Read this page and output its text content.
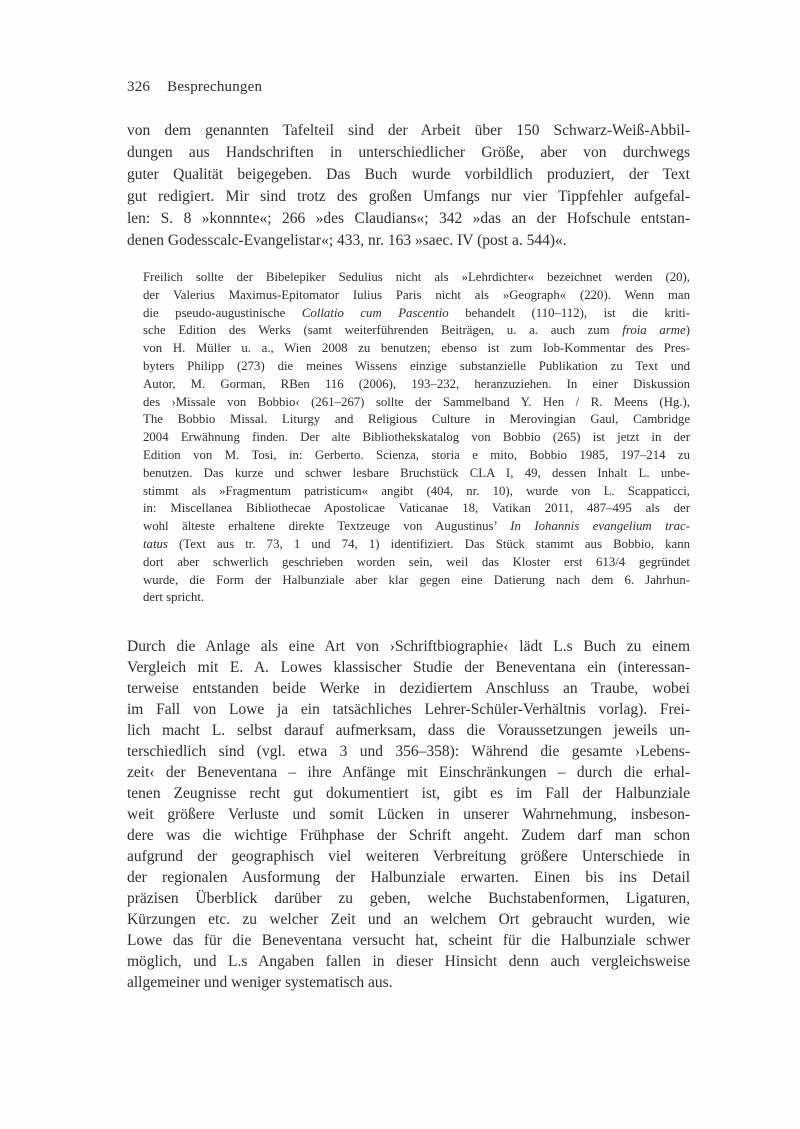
326 Besprechungen
von dem genannten Tafelteil sind der Arbeit über 150 Schwarz-Weiß-Abbil-
dungen aus Handschriften in unterschiedlicher Größe, aber von durchwegs
guter Qualität beigegeben. Das Buch wurde vorbildlich produziert, der Text
gut redigiert. Mir sind trotz des großen Umfangs nur vier Tippfehler aufgefal-
len: S. 8 »konnnte«; 266 »des Claudians«; 342 »das an der Hofschule entstan-
denen Godesscalc-Evangelistar«; 433, nr. 163 »saec. IV (post a. 544)«.
Freilich sollte der Bibelepiker Sedulius nicht als »Lehrdichter« bezeichnet werden (20),
der Valerius Maximus-Epitomator Iulius Paris nicht als »Geograph« (220). Wenn man
die pseudo-augustinische Collatio cum Pascentio behandelt (110–112), ist die kriti-
sche Edition des Werks (samt weiterführenden Beiträgen, u. a. auch zum froia arme)
von H. Müller u. a., Wien 2008 zu benutzen; ebenso ist zum Iob-Kommentar des Pres-
byters Philipp (273) die meines Wissens einzige substanzielle Publikation zu Text und
Autor, M. Gorman, RBen 116 (2006), 193–232, heranzuziehen. In einer Diskussion
des ›Missale von Bobbio‹ (261–267) sollte der Sammelband Y. Hen / R. Meens (Hg.),
The Bobbio Missal. Liturgy and Religious Culture in Merovingian Gaul, Cambridge
2004 Erwähnung finden. Der alte Bibliothekskatalog von Bobbio (265) ist jetzt in der
Edition von M. Tosi, in: Gerberto. Scienza, storia e mito, Bobbio 1985, 197–214 zu
benutzen. Das kurze und schwer lesbare Bruchstück CLA I, 49, dessen Inhalt L. unbe-
stimmt als »Fragmentum patristicum« angibt (404, nr. 10), wurde von L. Scappaticci,
in: Miscellanea Bibliothecae Apostolicae Vaticanae 18, Vatikan 2011, 487–495 als der
wohl älteste erhaltene direkte Textzeuge von Augustinus’ In Iohannis evangelium trac-
tatus (Text aus tr. 73, 1 und 74, 1) identifiziert. Das Stück stammt aus Bobbio, kann
dort aber schwerlich geschrieben worden sein, weil das Kloster erst 613/4 gegründet
wurde, die Form der Halbunziale aber klar gegen eine Datierung nach dem 6. Jahrhun-
dert spricht.
Durch die Anlage als eine Art von ›Schriftbiographie‹ lädt L.s Buch zu einem
Vergleich mit E. A. Lowes klassischer Studie der Beneventana ein (interessan-
terweise entstanden beide Werke in dezidiertem Anschluss an Traube, wobei
im Fall von Lowe ja ein tatsächliches Lehrer-Schüler-Verhältnis vorlag). Frei-
lich macht L. selbst darauf aufmerksam, dass die Voraussetzungen jeweils un-
terschiedlich sind (vgl. etwa 3 und 356–358): Während die gesamte ›Lebens-
zeit‹ der Beneventana – ihre Anfänge mit Einschränkungen – durch die erhal-
tenen Zeugnisse recht gut dokumentiert ist, gibt es im Fall der Halbunziale
weit größere Verluste und somit Lücken in unserer Wahrnehmung, insbeson-
dere was die wichtige Frühphase der Schrift angeht. Zudem darf man schon
aufgrund der geographisch viel weiteren Verbreitung größere Unterschiede in
der regionalen Ausformung der Halbunziale erwarten. Einen bis ins Detail
präzisen Überblick darüber zu geben, welche Buchstabenformen, Ligaturen,
Kürzungen etc. zu welcher Zeit und an welchem Ort gebraucht wurden, wie
Lowe das für die Beneventana versucht hat, scheint für die Halbunziale schwer
möglich, und L.s Angaben fallen in dieser Hinsicht denn auch vergleichsweise
allgemeiner und weniger systematisch aus.
